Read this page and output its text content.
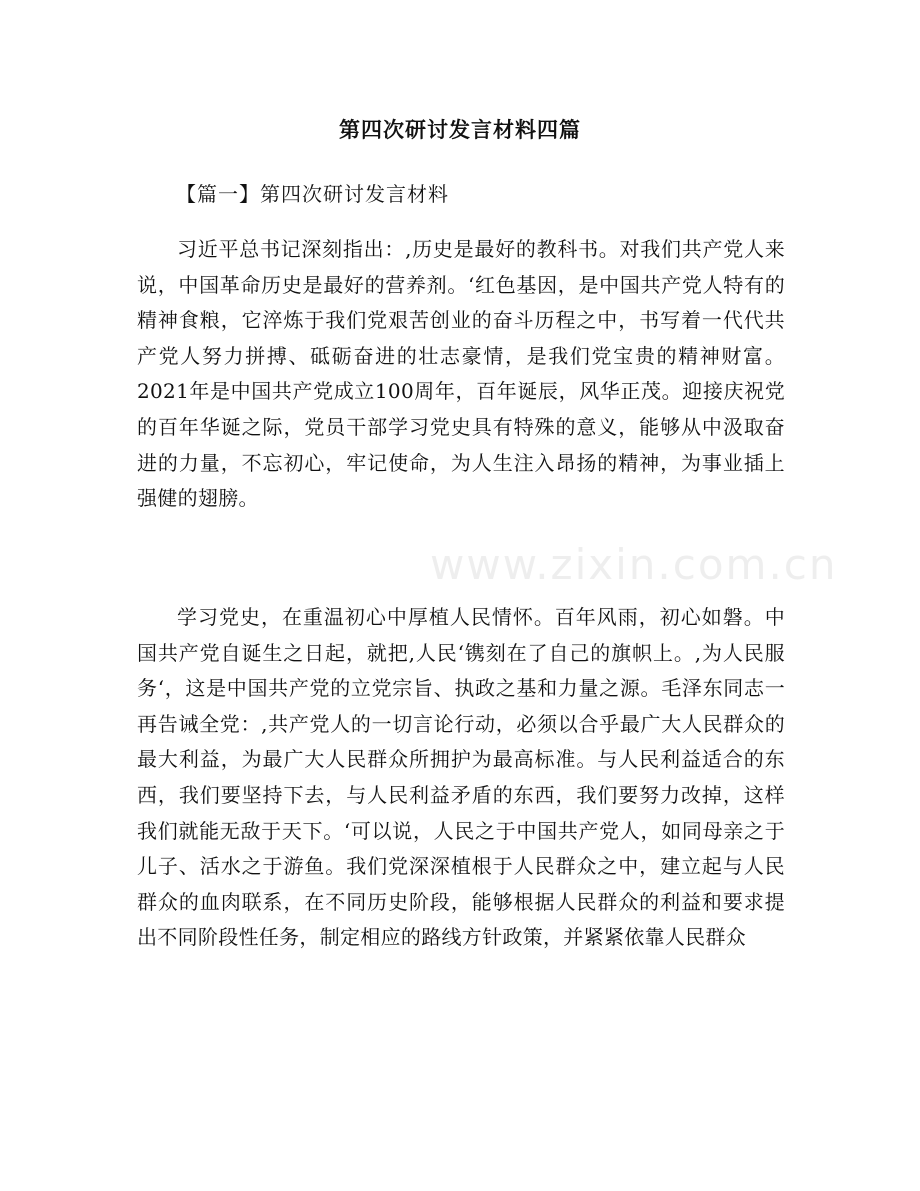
第四次研讨发言材料四篇

【篇一】第四次研讨发言材料

习近平总书记深刻指出：,历史是最好的教科书。对我们共产党人来说，中国革命历史是最好的营养剂。‘红色基因，是中国共产党人特有的精神食粮，它淬炼于我们党艰苦创业的奋斗历程之中，书写着一代代共产党人努力拼搏、砥砺奋进的壮志豪情，是我们党宝贵的精神财富。2021年是中国共产党成立100周年，百年诞辰，风华正茂。迎接庆祝党的百年华诞之际，党员干部学习党史具有特殊的意义，能够从中汲取奋进的力量，不忘初心，牢记使命，为人生注入昂扬的精神，为事业插上强健的翅膀。

学习党史，在重温初心中厚植人民情怀。百年风雨，初心如磐。中国共产党自诞生之日起，就把,人民‘镌刻在了自己的旗帜上。,为人民服务‘，这是中国共产党的立党宗旨、执政之基和力量之源。毛泽东同志一再告诫全党：,共产党人的一切言论行动，必须以合乎最广大人民群众的最大利益，为最广大人民群众所拥护为最高标准。与人民利益适合的东西，我们要坚持下去，与人民利益矛盾的东西，我们要努力改掉，这样我们就能无敌于天下。‘可以说，人民之于中国共产党人，如同母亲之于儿子、活水之于游鱼。我们党深深植根于人民群众之中，建立起与人民群众的血肉联系，在不同历史阶段，能够根据人民群众的利益和要求提出不同阶段性任务，制定相应的路线方针政策，并紧紧依靠人民群众

www.zixin.com.cn
